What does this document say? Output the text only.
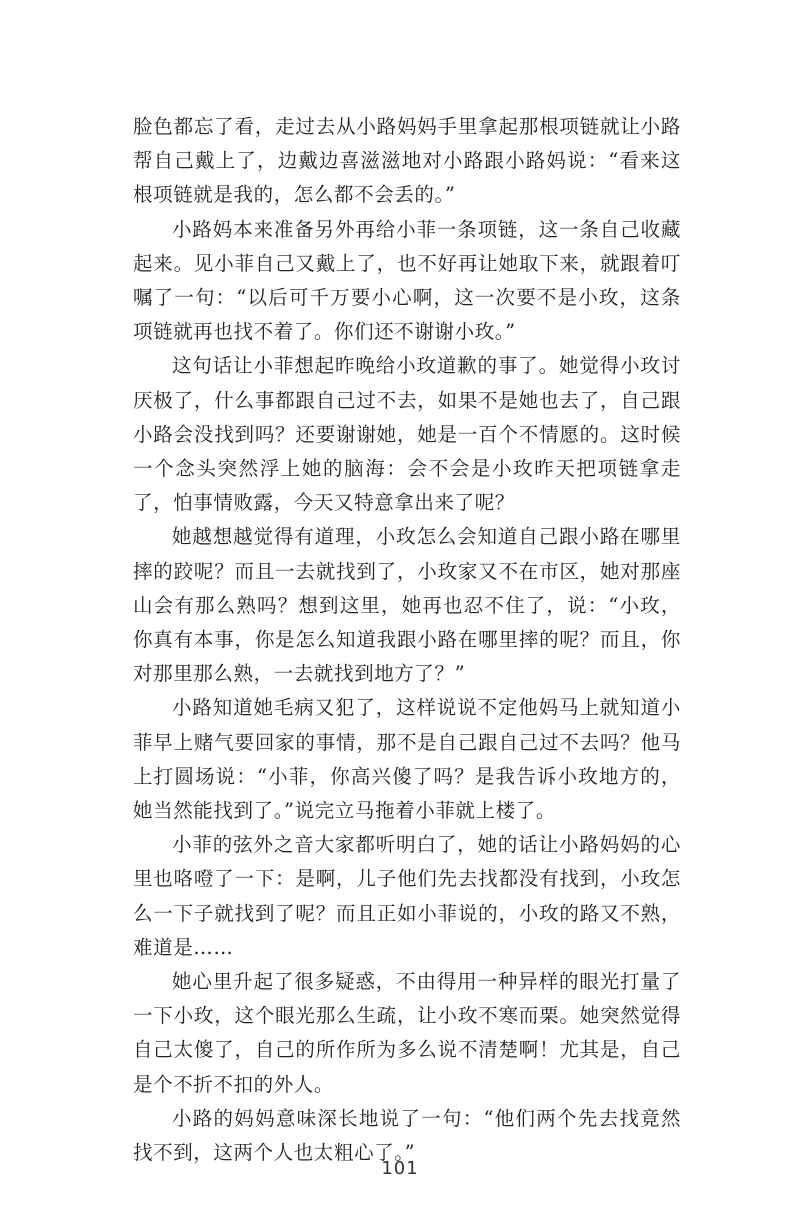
脸色都忘了看，走过去从小路妈妈手里拿起那根项链就让小路帮自己戴上了，边戴边喜滋滋地对小路跟小路妈说：“看来这根项链就是我的，怎么都不会丢的。”

小路妈本来准备另外再给小菲一条项链，这一条自己收藏起来。见小菲自己又戴上了，也不好再让她取下来，就跟着叮嘱了一句：“以后可千万要小心啊，这一次要不是小玫，这条项链就再也找不着了。你们还不谢谢小玫。”

这句话让小菲想起昨晚给小玫道歉的事了。她觉得小玫讨厌极了，什么事都跟自己过不去，如果不是她也去了，自己跟小路会没找到吗？还要谢谢她，她是一百个不情愿的。这时候一个念头突然浮上她的脑海：会不会是小玫昨天把项链拿走了，怕事情败露，今天又特意拿出来了呢？

她越想越觉得有道理，小玫怎么会知道自己跟小路在哪里摔的跤呢？而且一去就找到了，小玫家又不在市区，她对那座山会有那么熟吗？想到这里，她再也忍不住了，说：“小玫，你真有本事，你是怎么知道我跟小路在哪里摔的呢？而且，你对那里那么熟，一去就找到地方了？”

小路知道她毛病又犯了，这样说说不定他妈马上就知道小菲早上赌气要回家的事情，那不是自己跟自己过不去吗？他马上打圆场说：“小菲，你高兴傻了吗？是我告诉小玫地方的，她当然能找到了。”说完立马拖着小菲就上楼了。

小菲的弦外之音大家都听明白了，她的话让小路妈妈的心里也咯噔了一下：是啊，儿子他们先去找都没有找到，小玫怎么一下子就找到了呢？而且正如小菲说的，小玫的路又不熟，难道是……

她心里升起了很多疑惑，不由得用一种异样的眼光打量了一下小玫，这个眼光那么生疏，让小玫不寒而栗。她突然觉得自己太傻了，自己的所作所为多么说不清楚啊！尤其是，自己是个不折不扣的外人。

小路的妈妈意味深长地说了一句：“他们两个先去找竟然找不到，这两个人也太粗心了。”

101
